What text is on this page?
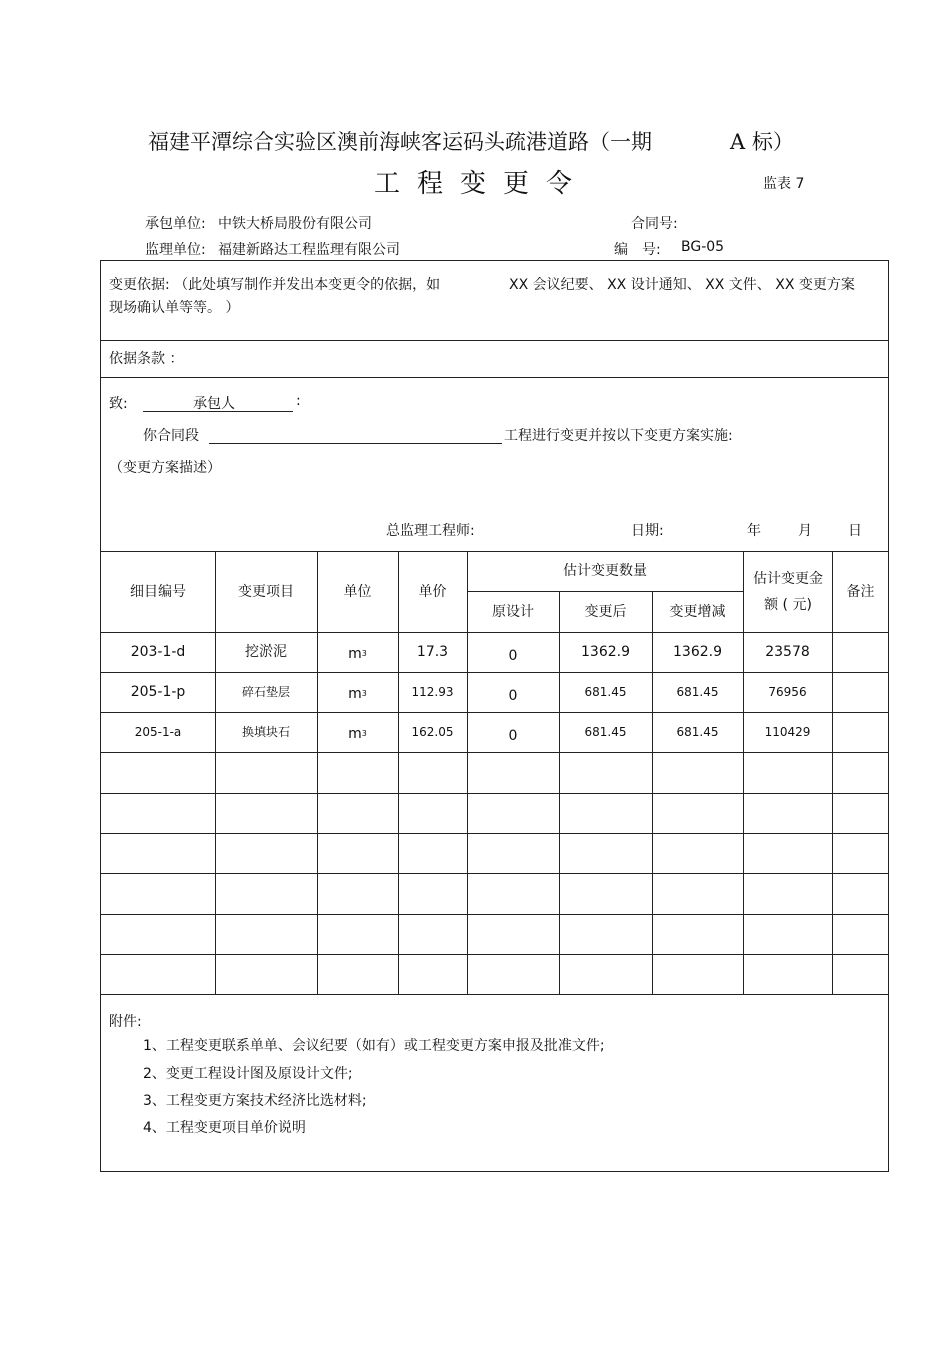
福建平潭综合实验区澳前海峡客运码头疏港道路（一期	A 标）
工程变更令	监表 7
承包单位: 中铁大桥局股份有限公司	合同号:
监理单位: 福建新路达工程监理有限公司	编　号: BG-05
变更依据: （此处填写制作并发出本变更令的依据，如	XX 会议纪要、 XX 设计通知、 XX 文件、 XX 变更方案
现场确认单等等。 ）
依据条款 ：
致:	承包人	:
你合同段	工程进行变更并按以下变更方案实施:
（变更方案描述）
总监理工程师:	日期:	年	月	日
细目编号	变更项目	单位	单价
估计变更数量
原设计	变更后	变更增减
估计变更金额 ( 元)
备注
203-1-d	挖淤泥	m 3	17.3	0	1362.9	1362.9	23578
205-1-p	碎石垫层	m 3	112.93	0	681.45	681.45	76956
205-1-a	换填块石	m 3	162.05	0	681.45	681.45	110429
附件:
1、工程变更联系单单、会议纪要（如有）或工程变更方案申报及批准文件;
2、变更工程设计图及原设计文件;
3、工程变更方案技术经济比选材料;
4、工程变更项目单价说明
